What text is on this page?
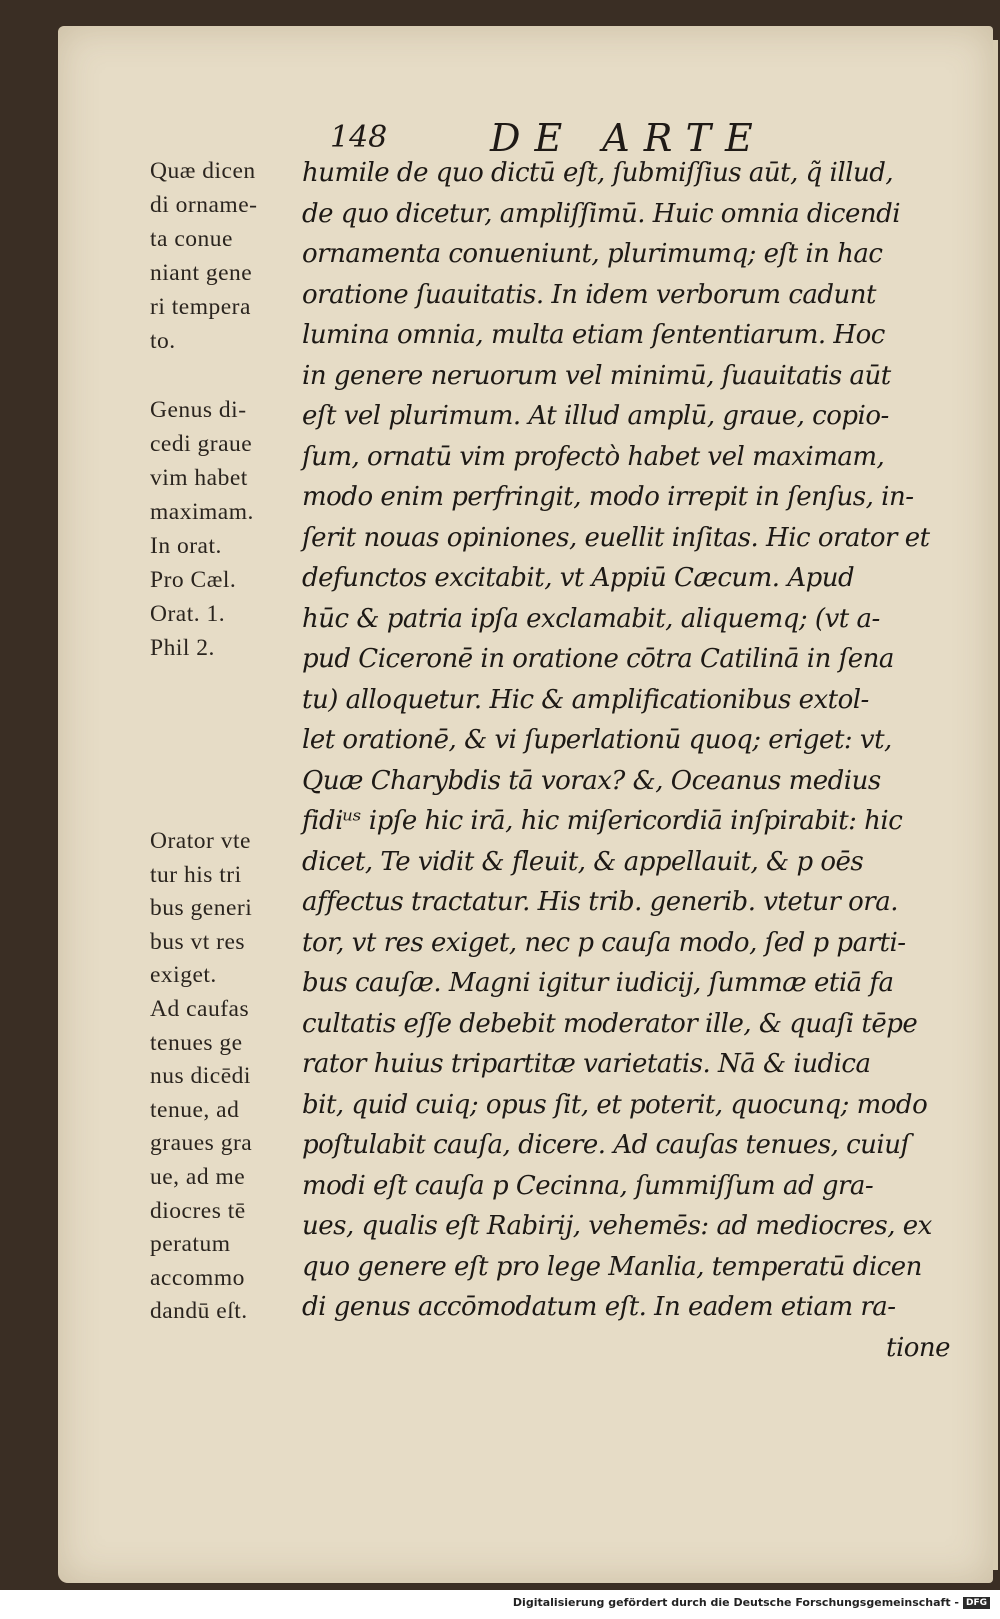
148	DE ARTE
Quæ dicen
di orname-
ta conue
niant gene
ri tempera
to.
Genus di-
cedi graue
vim habet
maximam.
In orat.
Pro Cæl.
Orat. 1.
Phil 2.
Orator vte
tur his tri
bus generi
bus vt res
exiget.
Ad caufas
tenues ge
nus dicēdi
tenue, ad
graues gra
ue, ad me
diocres tē
peratum
accommo
dandū eſt.
humile de quo dictū eſt, ſubmiſſius aūt, q̃ illud,
de quo dicetur, ampliſſimū. Huic omnia dicendi
ornamenta conueniunt, plurimumq; eſt in hac
oratione ſuauitatis. In idem verborum cadunt
lumina omnia, multa etiam ſententiarum. Hoc
in genere neruorum vel minimū, ſuauitatis aūt
eſt vel plurimum. At illud amplū, graue, copio-
ſum, ornatū vim profectò habet vel maximam,
modo enim perfringit, modo irrepit in ſenſus, in-
ſerit nouas opiniones, euellit inſitas. Hic orator et
defunctos excitabit, vt Appiū Cæcum. Apud
hūc & patria ipſa exclamabit, aliquemq; (vt a-
pud Ciceronē in oratione cōtra Catilinā in ſena
tu) alloquetur. Hic & amplificationibus extol-
let orationē, & vi ſuperlationū quoq; eriget: vt,
Quæ Charybdis tā vorax? &, Oceanus medius
fidiᵘˢ ipſe hic irā, hic miſericordiā inſpirabit: hic
dicet, Te vidit & fleuit, & appellauit, & p oēs
affectus tractatur. His trib. generib. vtetur ora.
tor, vt res exiget, nec p cauſa modo, ſed p parti-
bus cauſæ. Magni igitur iudicij, ſummæ etiā fa
cultatis eſſe debebit moderator ille, & quaſi tēpe
rator huius tripartitæ varietatis. Nā & iudica
bit, quid cuiq; opus ſit, et poterit, quocunq; modo
poſtulabit cauſa, dicere. Ad cauſas tenues, cuiuſ
modi eſt cauſa p Cecinna, ſummiſſum ad gra-
ues, qualis eſt Rabirij, vehemēs: ad mediocres, ex
quo genere eſt pro lege Manlia, temperatū dicen
di genus accōmodatum eſt. In eadem etiam ra-
tione
Digitalisierung gefördert durch die Deutsche Forschungsgemeinschaft - DFG
